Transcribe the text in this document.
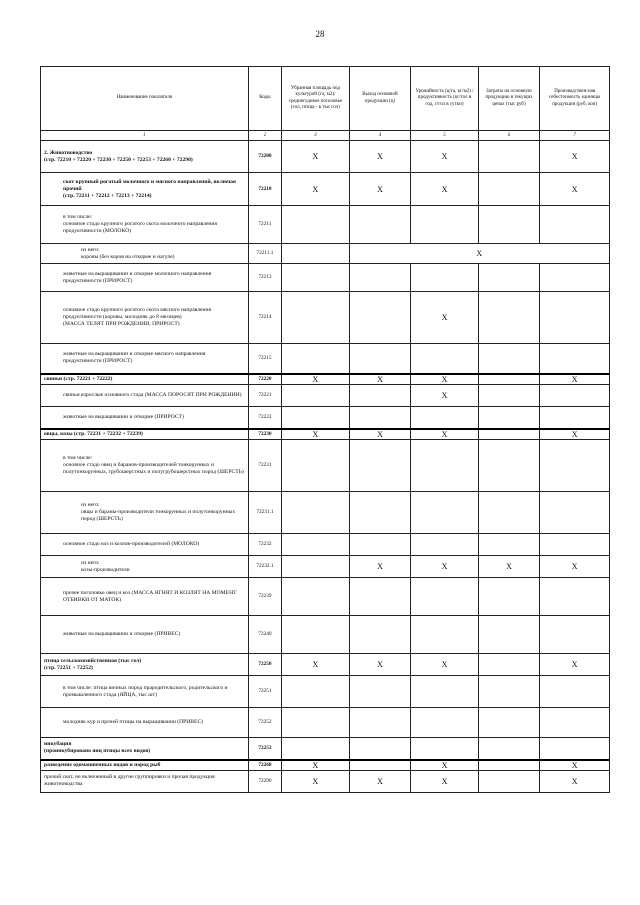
28
Наименование показателя	Коды	Убранная площадь под культурой (га, м2)/ среднегодовое поголовье (гол, птица - в тыс гол)	Выход основной продукции (ц)	Урожайность (ц/га, кг/м2) / продуктивность (кг/гол в год, г/гол в сутки)	Затраты на основную продукцию в текущих ценах (тыс руб)	Производствен-ная себестоимость единицы продукции (руб, коп)
1	2	3	4	5	6	7
2. Животноводство
(стр. 72210 + 72220 + 72230 + 72250 + 72253 + 72260 + 72290)	72200	X	X	X		X
скот крупный рогатый молочного и мясного направлений, включая прочий
(стр. 72211 + 72212 + 72213 + 72214)	72210	X	X	X		X
в том числе:
основное стадо крупного рогатого скота молочного направления продуктивности (МОЛОКО)	72211					
из него:
коровы (без коров на откорме и нагуле)	72211.1		X			
животные на выращивании и откорме молочного направления продуктивности (ПРИРОСТ)	72213					
основное стадо крупного рогатого скота мясного направления продуктивности (коровы, молодняк до 8 месяцев)
(МАССА ТЕЛЯТ ПРИ РОЖДЕНИИ, ПРИРОСТ)	72214			X		
животные на выращивании и откорме мясного направления продуктивности (ПРИРОСТ)	72215					
свиньи (стр. 72221 + 72222)	72220	X	X	X		X
свиньи взрослые основного стада (МАССА ПОРОСЯТ ПРИ РОЖДЕНИИ)	72221			X		
животные на выращивании и откорме (ПРИРОСТ)	72222					
овцы, козы (стр. 72231 + 72232 + 72239)	72230	X	X	X		X
в том числе:
основное стадо овец и баранов-производителей тонкорунных и полутонкорунных, грубошерстных и полугрубошерстных пород (ШЕРСТЬ)	72231					
из него:
овцы и бараны-производители тонкорунных и полутонкорунных пород (ШЕРСТЬ)	72231.1					
основное стадо коз и козлов-производителей (МОЛОКО)	72232					
из него:
козы-производители	72232.1		X	X	X	X
прочее поголовье овец и коз (МАССА ЯГНЯТ И КОЗЛЯТ НА МОМЕНТ ОТБИВКИ ОТ МАТОК)	72239					
животные на выращивании и откорме (ПРИВЕС)	72240					
птица сельскохозяйственная (тыс гол)
(стр. 72251 + 72252)	72250	X	X	X		X
в том числе: птица яичных пород прародительского, родительского и промышленного стада (ЯЙЦА, тыс шт)	72251					
молодняк кур и прочей птицы на выращивании (ПРИВЕС)	72252					
инкубация
(проинкубировано яиц птицы всех видов)	72253					
разведение одомашненных видов и пород рыб	72260	X		X		X
прочий скот, не включенный в другие группировки и прочая продукция животноводства	72290	X	X	X		X
